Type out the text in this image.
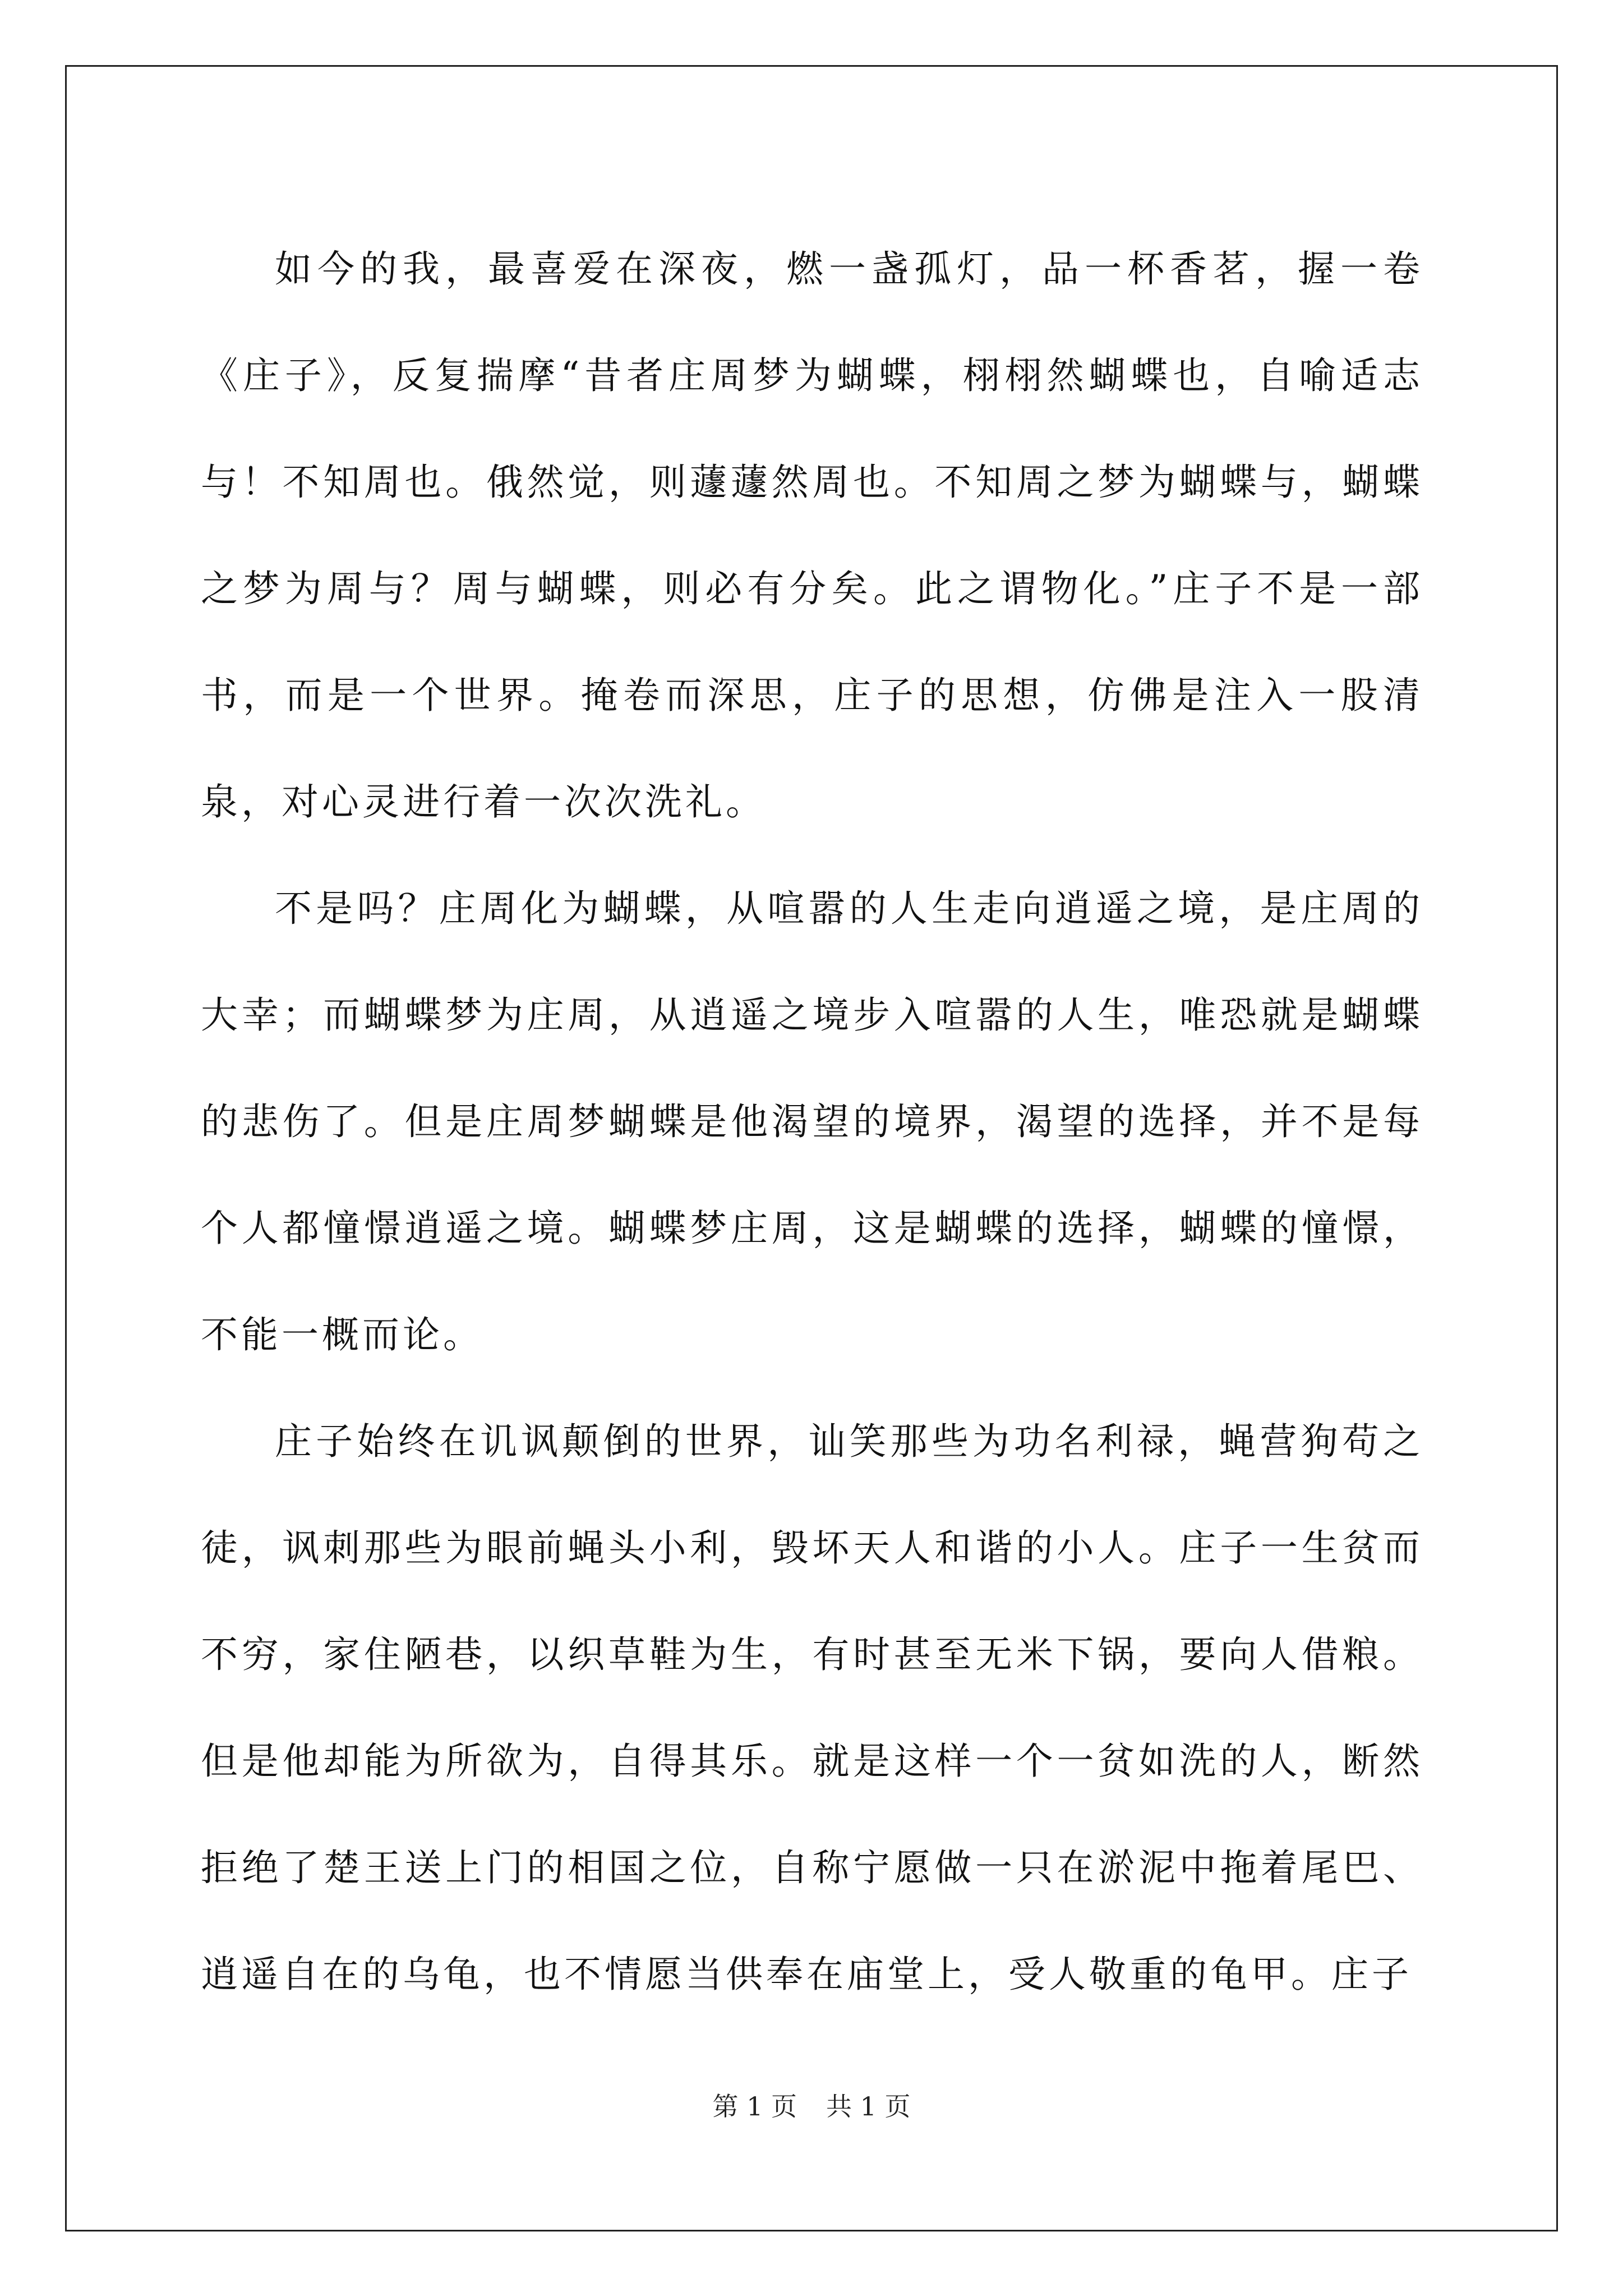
如今的我，最喜爱在深夜，燃一盏孤灯，品一杯香茗，握一卷《庄子》，反复揣摩“昔者庄周梦为蝴蝶，栩栩然蝴蝶也，自喻适志与！不知周也。俄然觉，则蘧蘧然周也。不知周之梦为蝴蝶与，蝴蝶之梦为周与？周与蝴蝶，则必有分矣。此之谓物化。”庄子不是一部书，而是一个世界。掩卷而深思，庄子的思想，仿佛是注入一股清泉，对心灵进行着一次次洗礼。

不是吗？庄周化为蝴蝶，从喧嚣的人生走向逍遥之境，是庄周的大幸；而蝴蝶梦为庄周，从逍遥之境步入喧嚣的人生，唯恐就是蝴蝶的悲伤了。但是庄周梦蝴蝶是他渴望的境界，渴望的选择，并不是每个人都憧憬逍遥之境。蝴蝶梦庄周，这是蝴蝶的选择，蝴蝶的憧憬，不能一概而论。

庄子始终在讥讽颠倒的世界，讪笑那些为功名利禄，蝇营狗苟之徒，讽刺那些为眼前蝇头小利，毁坏天人和谐的小人。庄子一生贫而不穷，家住陋巷，以织草鞋为生，有时甚至无米下锅，要向人借粮。但是他却能为所欲为，自得其乐。就是这样一个一贫如洗的人，断然拒绝了楚王送上门的相国之位，自称宁愿做一只在淤泥中拖着尾巴、逍遥自在的乌龟，也不情愿当供奉在庙堂上，受人敬重的龟甲。庄子

第 1 页 共 1 页
